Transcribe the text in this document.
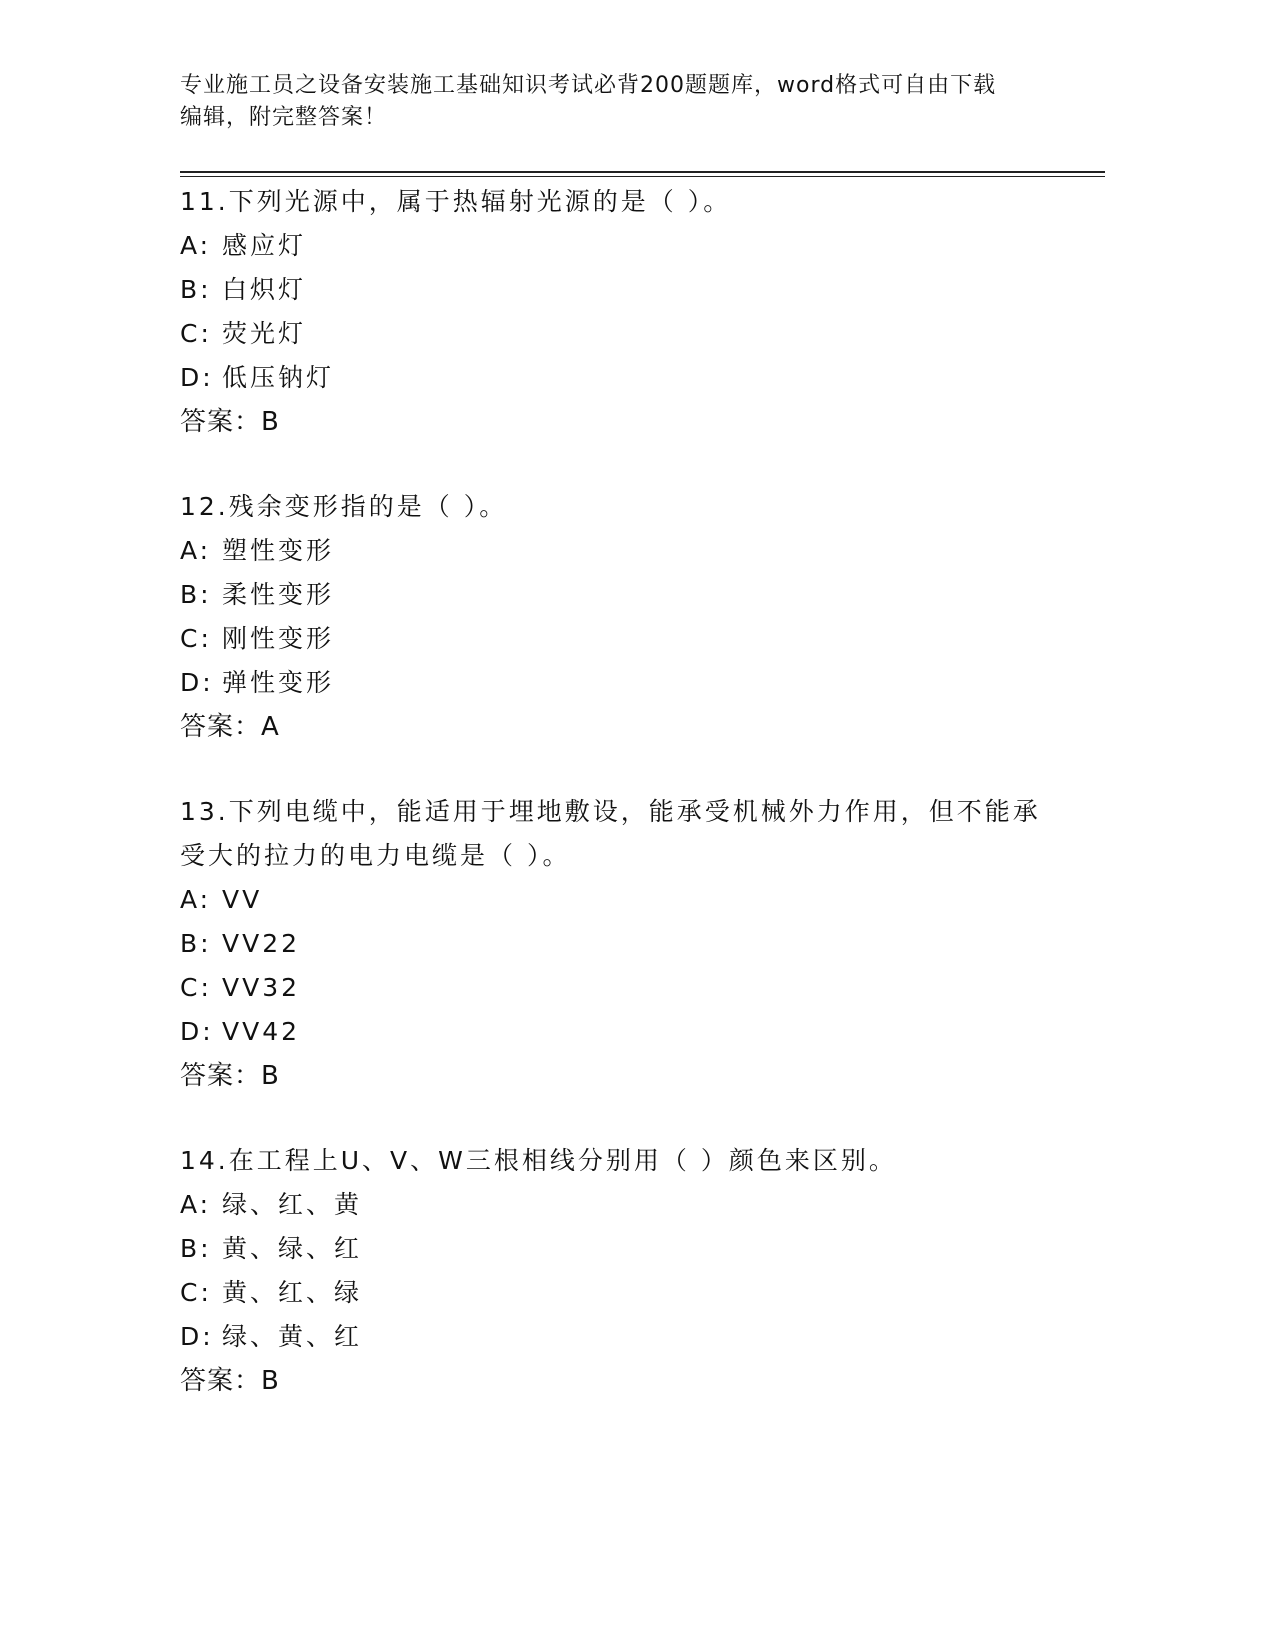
专业施工员之设备安装施工基础知识考试必背200题题库，word格式可自由下载
编辑，附完整答案！
11.下列光源中，属于热辐射光源的是（ ）。
A: 感应灯
B: 白炽灯
C: 荧光灯
D: 低压钠灯
答案：B
12.残余变形指的是（ ）。
A: 塑性变形
B: 柔性变形
C: 刚性变形
D: 弹性变形
答案：A
13.下列电缆中，能适用于埋地敷设，能承受机械外力作用，但不能承
受大的拉力的电力电缆是（ ）。
A: VV
B: VV22
C: VV32
D: VV42
答案：B
14.在工程上U、V、W三根相线分别用（ ）颜色来区别。
A: 绿、红、黄
B: 黄、绿、红
C: 黄、红、绿
D: 绿、黄、红
答案：B
